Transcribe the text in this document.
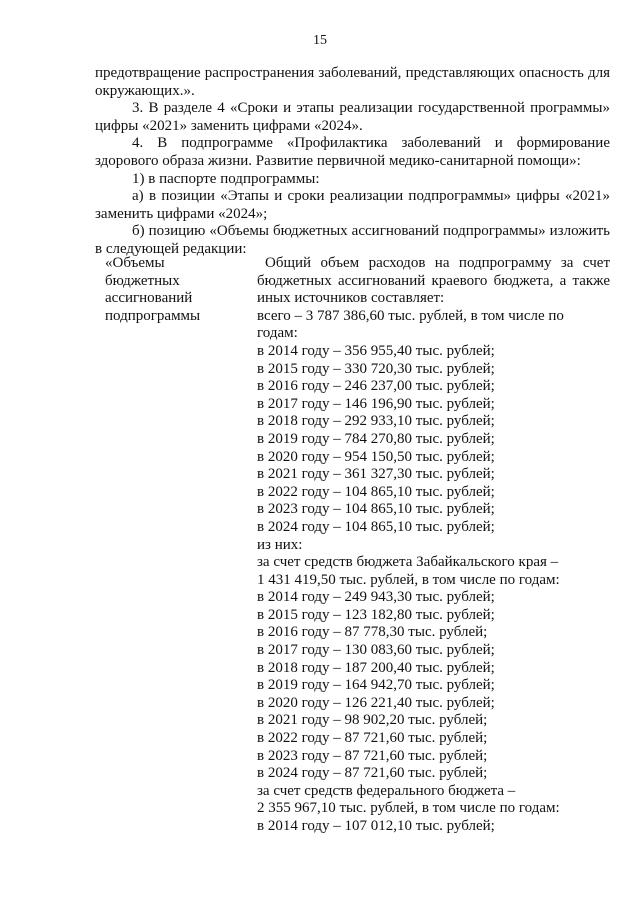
15

предотвращение распространения заболеваний, представляющих опасность для окружающих.».

3. В разделе 4 «Сроки и этапы реализации государственной программы» цифры «2021» заменить цифрами «2024».

4. В подпрограмме «Профилактика заболеваний и формирование здорового образа жизни. Развитие первичной медико-санитарной помощи»:

1) в паспорте подпрограммы:

а) в позиции «Этапы и сроки реализации подпрограммы» цифры «2021» заменить цифрами «2024»;

б) позицию «Объемы бюджетных ассигнований подпрограммы» изложить в следующей редакции:

«Объемы
бюджетных
ассигнований
подпрограммы
Общий объем расходов на подпрограмму за счет бюджетных ассигнований краевого бюджета, а также иных источников составляет:
всего – 3 787 386,60 тыс. рублей, в том числе по
годам:
в 2014 году – 356 955,40 тыс. рублей;
в 2015 году – 330 720,30 тыс. рублей;
в 2016 году – 246 237,00 тыс. рублей;
в 2017 году – 146 196,90 тыс. рублей;
в 2018 году – 292 933,10 тыс. рублей;
в 2019 году – 784 270,80 тыс. рублей;
в 2020 году – 954 150,50 тыс. рублей;
в 2021 году – 361 327,30 тыс. рублей;
в 2022 году – 104 865,10 тыс. рублей;
в 2023 году – 104 865,10 тыс. рублей;
в 2024 году – 104 865,10 тыс. рублей;
из них:
за счет средств бюджета Забайкальского края –
1 431 419,50 тыс. рублей, в том числе по годам:
в 2014 году – 249 943,30 тыс. рублей;
в 2015 году – 123 182,80 тыс. рублей;
в 2016 году – 87 778,30 тыс. рублей;
в 2017 году – 130 083,60 тыс. рублей;
в 2018 году – 187 200,40 тыс. рублей;
в 2019 году – 164 942,70 тыс. рублей;
в 2020 году – 126 221,40 тыс. рублей;
в 2021 году – 98 902,20 тыс. рублей;
в 2022 году – 87 721,60 тыс. рублей;
в 2023 году – 87 721,60 тыс. рублей;
в 2024 году – 87 721,60 тыс. рублей;
за счет средств федерального бюджета –
2 355 967,10 тыс. рублей, в том числе по годам:
в 2014 году – 107 012,10 тыс. рублей;
